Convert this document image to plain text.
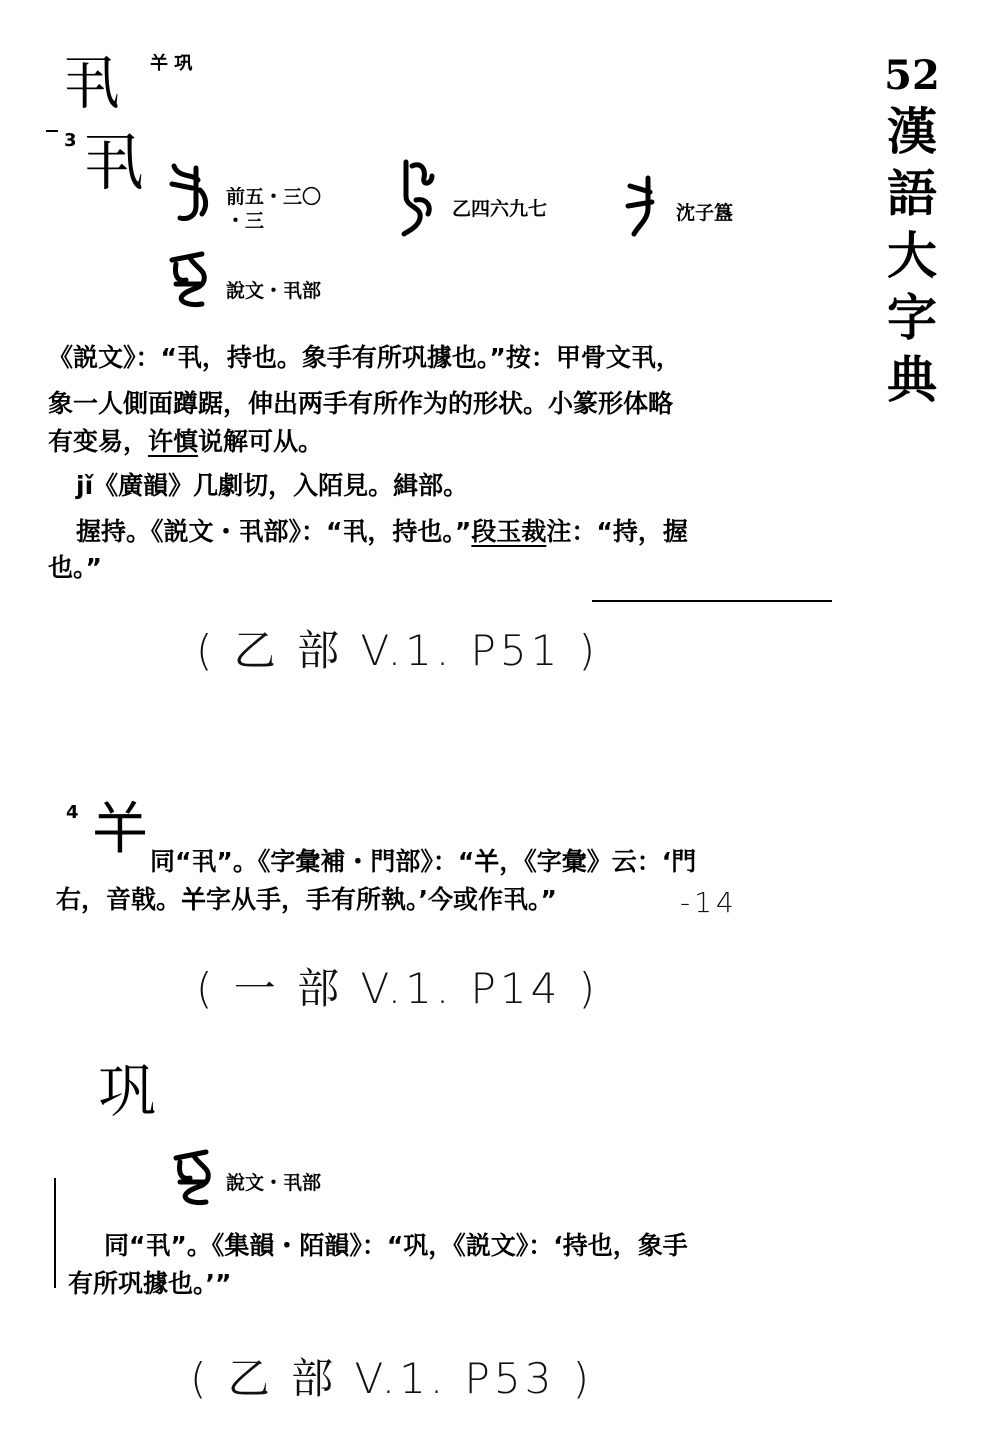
52
漢
語
大
字
典
丮 𢆉 巩
3 丮	前五・三〇
・三
乙四六九七	沈子簋
說文・丮部
《説文》：“丮，持也。象手有所巩據也。”按：甲骨文丮，
象一人側面蹲踞，伸出两手有所作为的形状。小篆形体略
有变易，许慎说解可从。
jǐ《廣韻》几劇切，入陌見。緝部。
握持。《説文・丮部》：“丮，持也。”段玉裁注：“持，握
也。”
( 乙 部 V.1. P51 )
4 𢆉 同“丮”。《字彙補・門部》：“𢆉，《字彙》云：‘門
右，音戟。𢆉字从手，手有所執。’今或作丮。”	-14
( 一 部 V.1. P14 )
巩
說文・丮部
同“丮”。《集韻・陌韻》：“巩，《説文》：‘持也，象手
有所巩據也。’”
( 乙 部 V.1. P53 )
